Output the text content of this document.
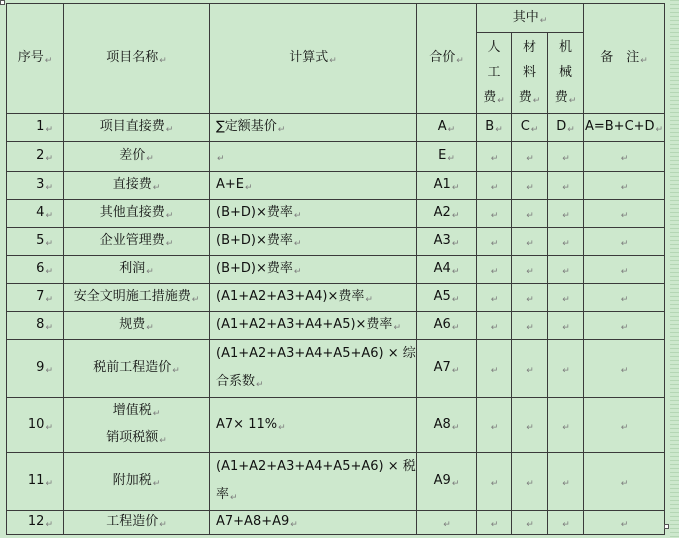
序号↵	项目名称↵	计算式↵	合价↵	其中↵			备　注↵

				人
工
费↵	材
料
费↵	机
械
费↵	

1↵	项目直接费↵	∑定额基价↵	A↵	B↵	C↵	D↵	A=B+C+D↵
2↵	差价↵	↵	E↵	↵	↵	↵	↵
3↵	直接费↵	A+E↵	A1↵	↵	↵	↵	↵
4↵	其他直接费↵	(B+D)×费率↵	A2↵	↵	↵	↵	↵
5↵	企业管理费↵	(B+D)×费率↵	A3↵	↵	↵	↵	↵
6↵	利润↵	(B+D)×费率↵	A4↵	↵	↵	↵	↵
7↵	安全文明施工措施费↵	(A1+A2+A3+A4)×费率↵	A5↵	↵	↵	↵	↵
8↵	规费↵	(A1+A2+A3+A4+A5)×费率↵	A6↵	↵	↵	↵	↵
9↵	税前工程造价↵	(A1+A2+A3+A4+A5+A6) × 综
合系数↵	A7↵	↵	↵	↵	↵
10↵	增值税↵
销项税额↵	A7× 11%↵	A8↵	↵	↵	↵	↵
11↵	附加税↵	(A1+A2+A3+A4+A5+A6) × 税
率↵	A9↵	↵	↵	↵	↵
12↵	工程造价↵	A7+A8+A9↵	↵	↵	↵	↵	↵
